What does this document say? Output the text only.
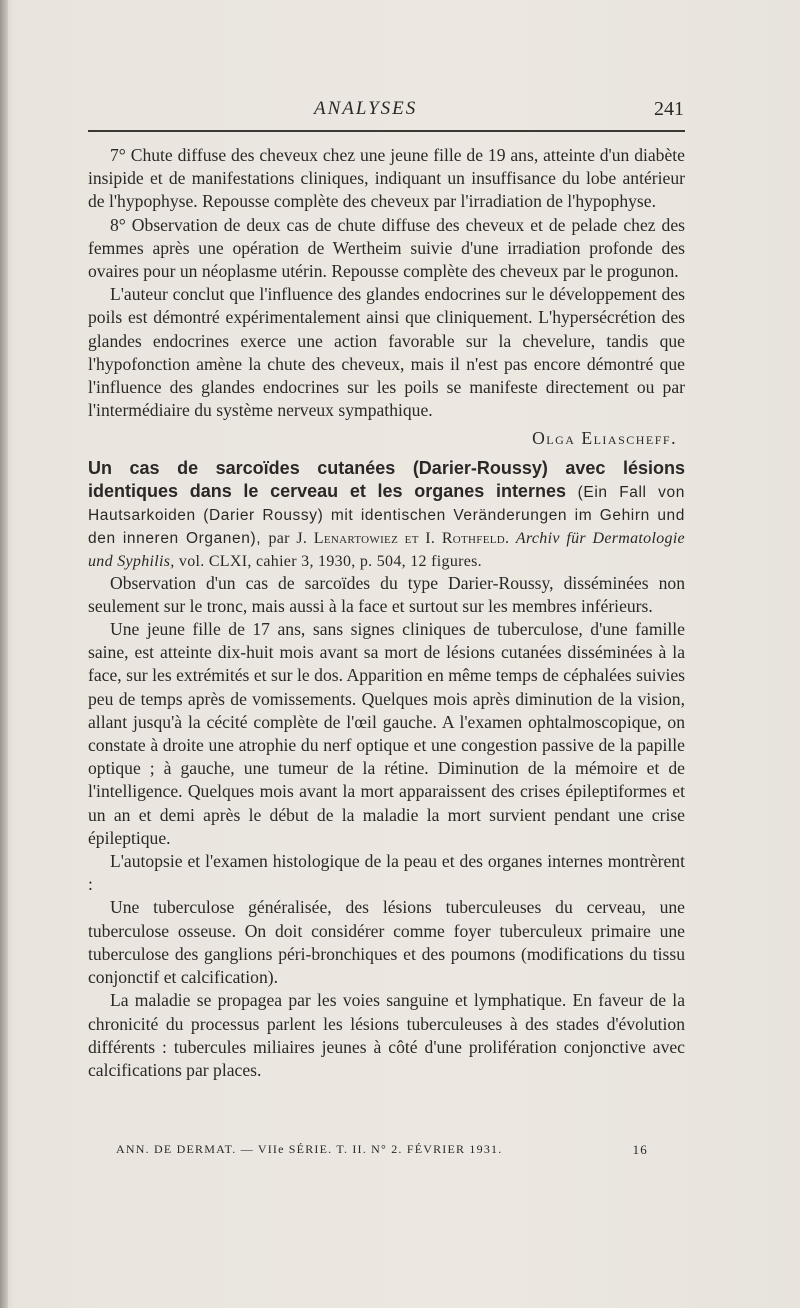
ANALYSES	241

7° Chute diffuse des cheveux chez une jeune fille de 19 ans, atteinte d'un diabète insipide et de manifestations cliniques, indiquant un insuffisance du lobe antérieur de l'hypophyse. Repousse complète des cheveux par l'irradiation de l'hypophyse.

8° Observation de deux cas de chute diffuse des cheveux et de pelade chez des femmes après une opération de Wertheim suivie d'une irradiation profonde des ovaires pour un néoplasme utérin. Repousse complète des cheveux par le progunon.

L'auteur conclut que l'influence des glandes endocrines sur le développement des poils est démontré expérimentalement ainsi que cliniquement. L'hypersécrétion des glandes endocrines exerce une action favorable sur la chevelure, tandis que l'hypofonction amène la chute des cheveux, mais il n'est pas encore démontré que l'influence des glandes endocrines sur les poils se manifeste directement ou par l'intermédiaire du système nerveux sympathique.

Olga Eliascheff.
Un cas de sarcoïdes cutanées (Darier-Roussy) avec lésions identiques dans le cerveau et les organes internes (Ein Fall von Hautsarkoiden (Darier Roussy) mit identischen Veränderungen im Gehirn und den inneren Organen), par J. Lenartowiez et I. Rothfeld. Archiv für Dermatologie und Syphilis, vol. CLXI, cahier 3, 1930, p. 504, 12 figures.

Observation d'un cas de sarcoïdes du type Darier-Roussy, disséminées non seulement sur le tronc, mais aussi à la face et surtout sur les membres inférieurs.

Une jeune fille de 17 ans, sans signes cliniques de tuberculose, d'une famille saine, est atteinte dix-huit mois avant sa mort de lésions cutanées disséminées à la face, sur les extrémités et sur le dos. Apparition en même temps de céphalées suivies peu de temps après de vomissements. Quelques mois après diminution de la vision, allant jusqu'à la cécité complète de l'œil gauche. A l'examen ophtalmoscopique, on constate à droite une atrophie du nerf optique et une congestion passive de la papille optique ; à gauche, une tumeur de la rétine. Diminution de la mémoire et de l'intelligence. Quelques mois avant la mort apparaissent des crises épileptiformes et un an et demi après le début de la maladie la mort survient pendant une crise épileptique.

L'autopsie et l'examen histologique de la peau et des organes internes montrèrent :

Une tuberculose généralisée, des lésions tuberculeuses du cerveau, une tuberculose osseuse. On doit considérer comme foyer tuberculeux primaire une tuberculose des ganglions péri-bronchiques et des poumons (modifications du tissu conjonctif et calcification).

La maladie se propagea par les voies sanguine et lymphatique. En faveur de la chronicité du processus parlent les lésions tuberculeuses à des stades d'évolution différents : tubercules miliaires jeunes à côté d'une prolifération conjonctive avec calcifications par places.

ANN. DE DERMAT. — VIIe SÉRIE. T. II. N° 2. FÉVRIER 1931.	16
